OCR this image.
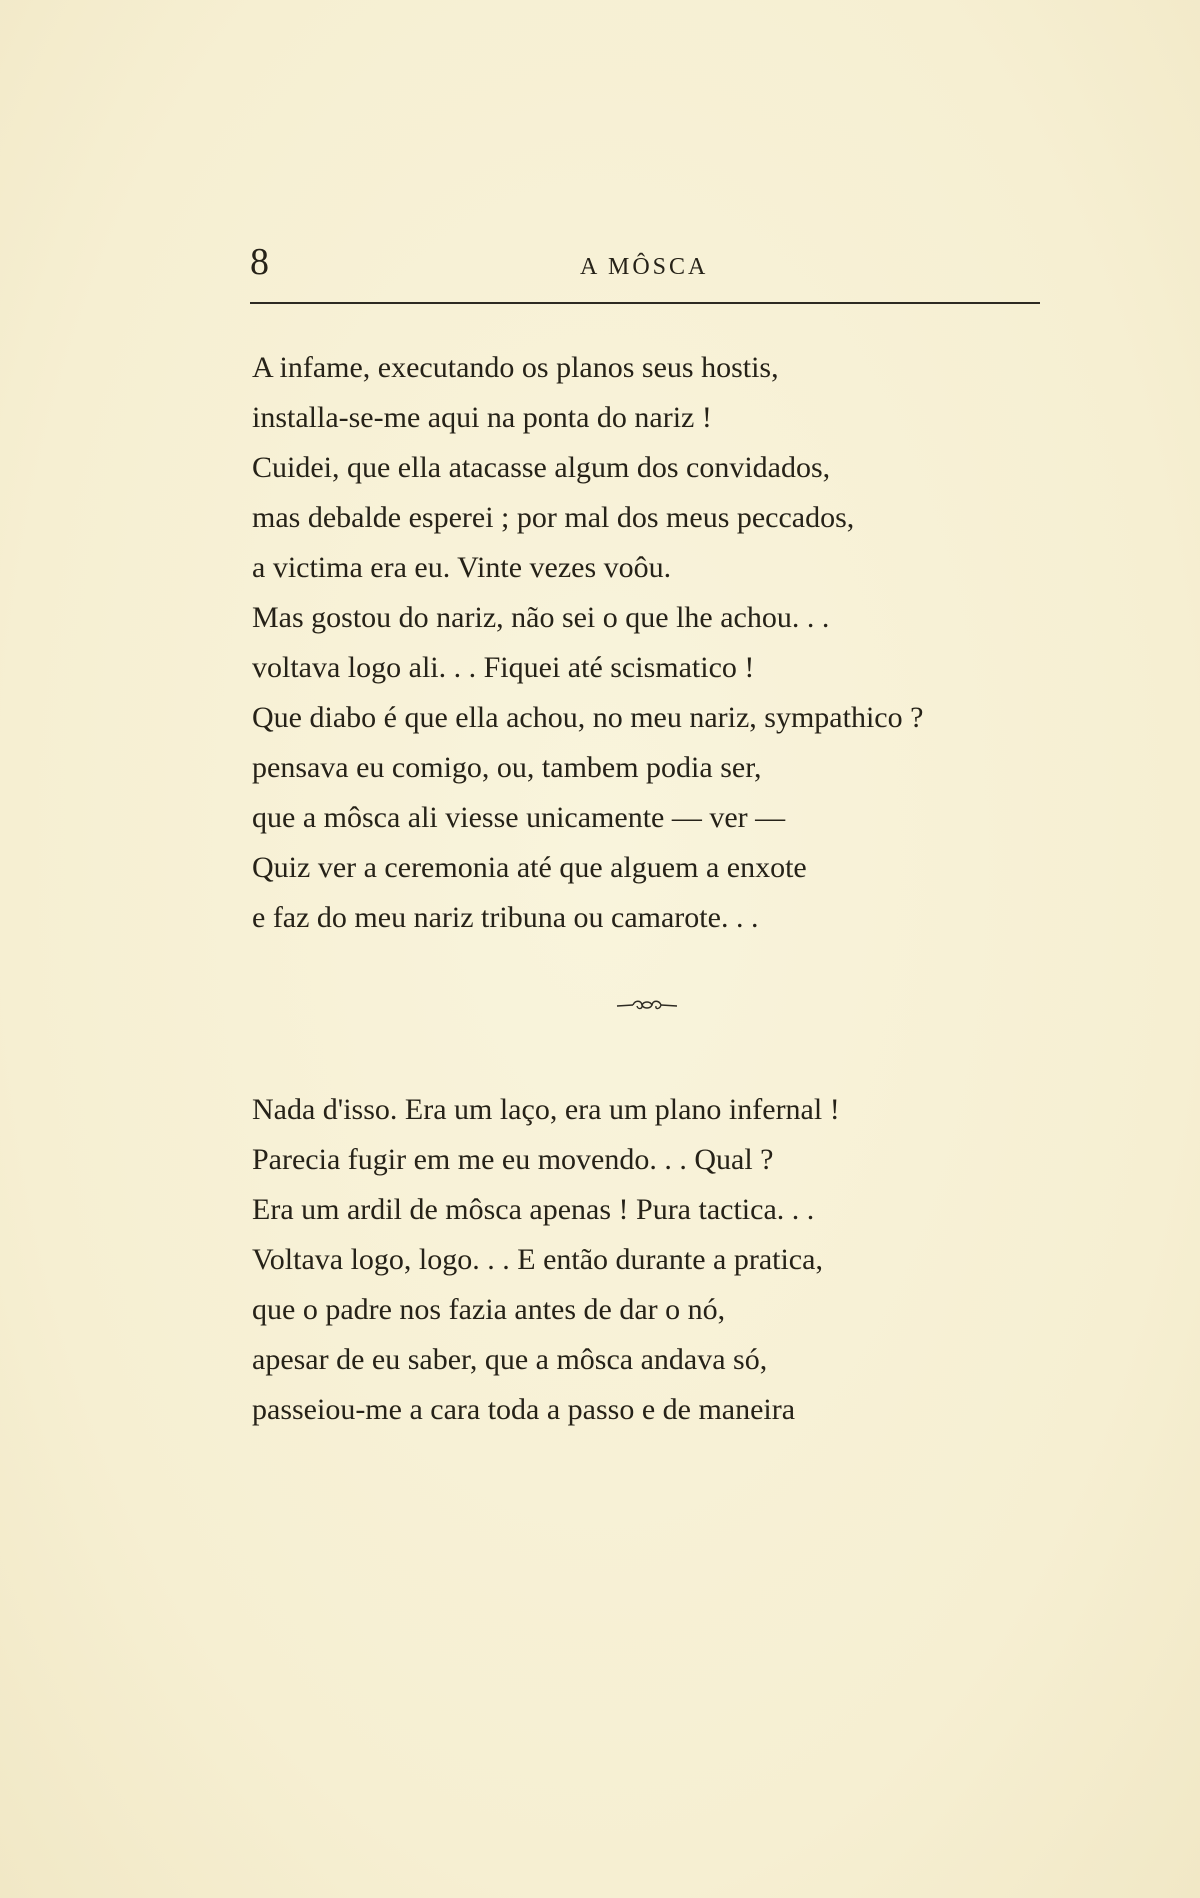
8	A MÔSCA
A infame, executando os planos seus hostis,
installa-se-me aqui na ponta do nariz !
Cuidei, que ella atacasse algum dos convidados,
mas debalde esperei ; por mal dos meus peccados,
a victima era eu. Vinte vezes voôu.
Mas gostou do nariz, não sei o que lhe achou. . .
voltava logo ali. . . Fiquei até scismatico !
Que diabo é que ella achou, no meu nariz, sympathico ?
pensava eu comigo, ou, tambem podia ser,
que a môsca ali viesse unicamente — ver —
Quiz ver a ceremonia até que alguem a enxote
e faz do meu nariz tribuna ou camarote. . .
Nada d'isso. Era um laço, era um plano infernal !
Parecia fugir em me eu movendo. . . Qual ?
Era um ardil de môsca apenas ! Pura tactica. . .
Voltava logo, logo. . . E então durante a pratica,
que o padre nos fazia antes de dar o nó,
apesar de eu saber, que a môsca andava só,
passeiou-me a cara toda a passo e de maneira
